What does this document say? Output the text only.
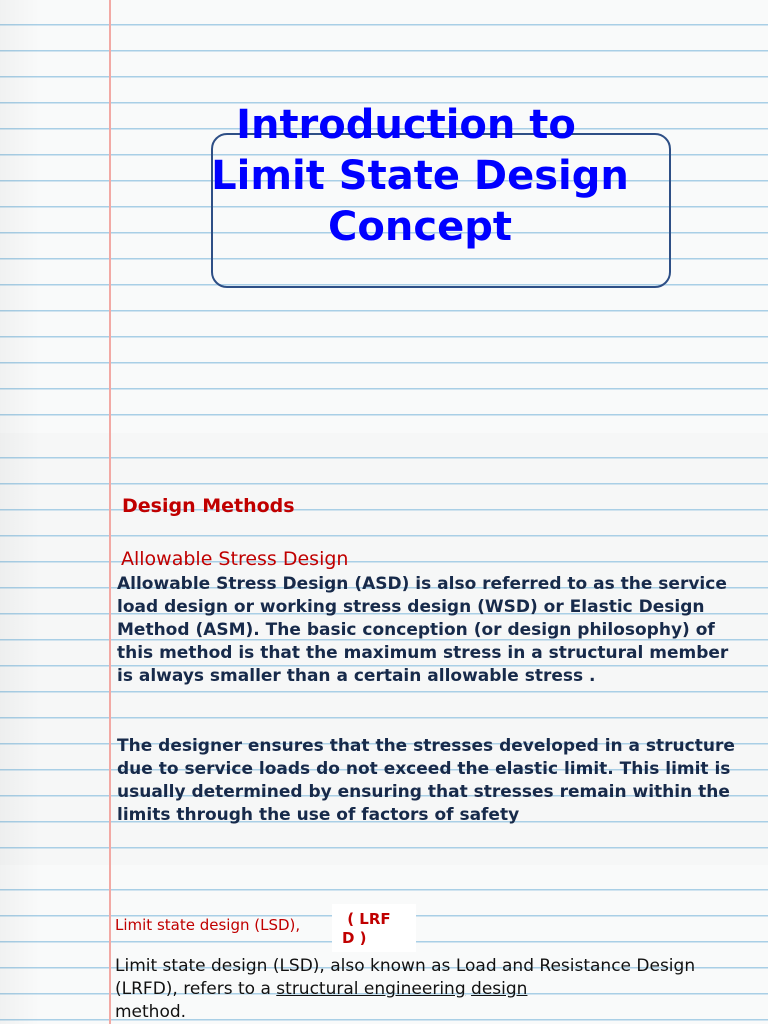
Introduction to
Limit State Design
Concept
Design Methods
Allowable Stress Design

Allowable Stress Design (ASD) is also referred to as the service load design or working stress design (WSD) or Elastic Design Method (ASM). The basic conception (or design philosophy) of this method is that the maximum stress in a structural member is always smaller than a certain allowable stress .

The designer ensures that the stresses developed in a structure due to service loads do not exceed the elastic limit. This limit is usually determined by ensuring that stresses remain within the limits through the use of factors of safety

Limit state design (LSD),	( LRF
D )

Limit state design (LSD), also known as Load and Resistance Design (LRFD), refers to a structural engineering design
method.
